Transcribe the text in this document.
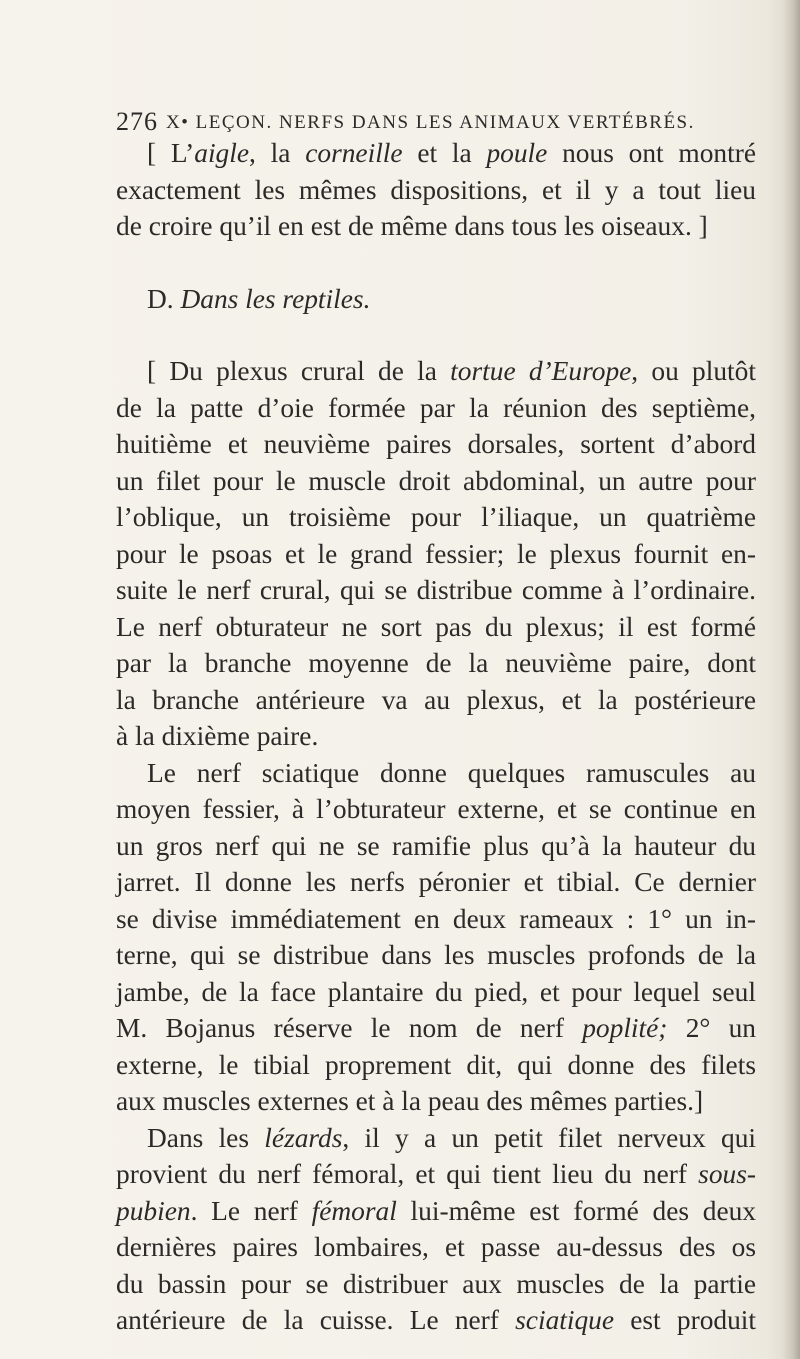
276 X• LEÇON. NERFS DANS LES ANIMAUX VERTÉBRÉS.
[ L’aigle, la corneille et la poule nous ont montré
exactement les mêmes dispositions, et il y a tout lieu
de croire qu’il en est de même dans tous les oiseaux. ]
D. Dans les reptiles.
[ Du plexus crural de la tortue d’Europe, ou plutôt
de la patte d’oie formée par la réunion des septième,
huitième et neuvième paires dorsales, sortent d’abord
un filet pour le muscle droit abdominal, un autre pour
l’oblique, un troisième pour l’iliaque, un quatrième
pour le psoas et le grand fessier; le plexus fournit en-
suite le nerf crural, qui se distribue comme à l’ordinaire.
Le nerf obturateur ne sort pas du plexus; il est formé
par la branche moyenne de la neuvième paire, dont
la branche antérieure va au plexus, et la postérieure
à la dixième paire.
Le nerf sciatique donne quelques ramuscules au
moyen fessier, à l’obturateur externe, et se continue en
un gros nerf qui ne se ramifie plus qu’à la hauteur du
jarret. Il donne les nerfs péronier et tibial. Ce dernier
se divise immédiatement en deux rameaux : 1° un in-
terne, qui se distribue dans les muscles profonds de la
jambe, de la face plantaire du pied, et pour lequel seul
M. Bojanus réserve le nom de nerf poplité; 2° un
externe, le tibial proprement dit, qui donne des filets
aux muscles externes et à la peau des mêmes parties.]
Dans les lézards, il y a un petit filet nerveux qui
provient du nerf fémoral, et qui tient lieu du nerf sous-
pubien. Le nerf fémoral lui-même est formé des deux
dernières paires lombaires, et passe au-dessus des os
du bassin pour se distribuer aux muscles de la partie
antérieure de la cuisse. Le nerf sciatique est produit
